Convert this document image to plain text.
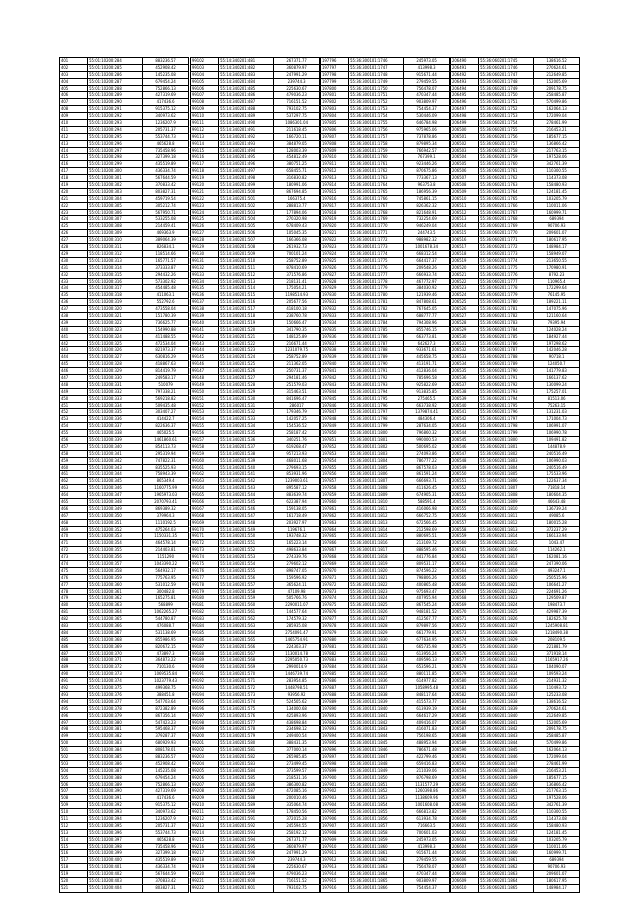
401	55:01:10200:284	883236.57
402	55:01:10200:285	452908.42
403	55:01:10200:286	145235.08
404	55:01:10200:287	679454.24
405	55:01:10200:288	752866.13
406	55:01:10200:289	427319.69
407	55:01:10200:290	417436.6
408	55:01:10200:291	915375.12
409	55:01:10200:292	340973.62
410	55:01:10200:293	1236207.9
411	55:01:10200:294	205731.37
412	55:01:10200:295	553744.73
413	55:01:10200:296	465628.8
414	55:01:10200:297	735458.96
415	55:01:10200:298	327399.18
416	55:01:10200:299	435519.89
417	55:01:10200:300	436334.74
418	55:01:10200:301	567644.59
419	55:01:10200:302	370833.42
420	55:01:10200:303	803827.31
421	55:01:10200:304	459719.54
422	55:01:10200:305	305212.74
423	55:01:10200:306	567950.71
424	55:01:10200:307	533255.08
425	55:01:10200:308	214459.41
426	55:01:10200:309	469363.9
427	55:01:10200:310	389064.39
428	55:01:10200:311	826834.1
429	55:01:10200:312	118514.66
430	55:01:10200:313	165771.57
431	55:01:10200:314	373333.87
432	55:01:10200:315	294432.26
433	55:01:10200:316	573302.92
434	55:01:10200:317	454485.48
435	55:01:10200:318	411063.1
436	55:01:10200:319	552792.6
437	55:01:10200:320	473558.04
438	55:01:10200:321	151780.39
439	55:01:10200:322	736625.77
440	55:01:10200:323	154990.88
441	55:01:10200:324	411488.55
442	55:01:10200:325	472534.04
443	55:01:10200:326	821973.37
444	55:01:10200:327	630816.29
445	55:01:10200:328	418867.63
446	55:01:10200:329	814419.79
447	55:01:10200:330	249583.17
448	55:01:10200:331	510079
449	55:01:10200:332	797338.21
450	55:01:10200:333	569218.82
451	55:01:10200:334	509435.48
452	55:01:10200:335	303407.27
453	55:01:10200:336	414422.7
454	55:01:10200:337	822636.37
455	55:01:10200:338	465025.5
456	55:01:10200:339	1461860.61
457	55:01:10200:340	854113.73
458	55:01:10200:341	295319.94
459	55:01:10200:342	747822.31
460	55:01:10200:343	835525.93
461	55:01:10200:344	758943.39
462	55:01:10200:345	865349.4
463	55:01:10200:346	1160775.99
464	55:01:10200:347	1965973.03
465	55:01:10200:348	2070793.41
466	55:01:10200:349	869389.32
467	55:01:10200:350	379964.3
468	55:01:10200:351	1110192.5
469	55:01:10200:352	475264.03
470	55:01:10200:353	1150331.35
471	55:01:10200:354	464578.14
472	55:01:10200:355	214403.81
473	55:01:10200:356	1151290
474	55:01:10200:357	1043390.22
475	55:01:10200:358	564932.17
476	55:01:10200:359	775763.95
477	55:01:10200:360	531012.59
478	55:01:10200:361	300482.8
479	55:01:10200:362	165275.81
480	55:01:10200:363	568899
481	55:01:10200:364	1062265.27
482	55:01:10200:365	544780.87
483	55:01:10200:366	476088.7
484	55:01:10200:367	531138.69
485	55:01:10200:368	855986.95
486	55:01:10200:369	820672.15
487	55:01:10200:370	473897.3
488	55:01:10200:371	364873.22
489	55:01:10200:372	710130.6
490	55:01:10200:373	1069535.84
491	55:01:10200:374	1023779.43
492	55:01:10200:375	499368.75
493	55:01:10200:376	388451.8
494	55:01:10200:377	547703.64
495	55:01:10200:378	872382.89
496	55:01:10200:379	867356.14
497	55:01:10200:380	547423.23
498	55:01:10200:381	595468.37
499	55:01:10200:382	379287.37
500	55:01:10200:383	680929.93
501	55:01:10200:384	808178.01
502	55:01:10200:385	883236.57
503	55:01:10200:386	452908.42
504	55:01:10200:387	145235.08
505	55:01:10200:388	679454.24
506	55:01:10200:389	752866.13
507	55:01:10200:390	427319.69
508	55:01:10200:391	417436.6
509	55:01:10200:392	915375.12
510	55:01:10200:393	340973.62
511	55:01:10200:394	1236207.9
512	55:01:10200:395	205731.37
513	55:01:10200:396	553744.73
514	55:01:10200:397	465628.8
515	55:01:10200:398	735458.96
516	55:01:10200:399	327399.18
517	55:01:10200:400	435519.89
518	55:01:10200:401	436334.74
519	55:01:10200:402	567644.59
520	55:01:10200:403	370833.42
521	55:01:10200:404	803827.31
99102	55:14:340201:481	267371.77
99103	55:14:340201:482	360879.97
99104	55:14:340201:483	247991.29
99105	55:14:340201:484	239744.3
99106	55:14:340201:485	225630.67
99107	55:14:340201:486	479036.23
99108	55:14:340201:487	716151.52
99109	55:14:340201:488	793102.75
99110	55:14:340201:489	537297.75
99111	55:14:340201:490	1086301.04
99112	55:14:340201:491	211618.45
99113	55:14:340201:492	166720.11
99114	55:14:340201:493	384879.05
99115	55:14:340201:494	128003.39
99116	55:14:340201:495	454812.49
99117	55:14:340201:496	380751.25
99118	55:14:340201:497	658455.71
99119	55:14:340201:498	316830.82
99120	55:14:340201:499	180991.06
99121	55:14:340201:500	867694.85
99122	55:14:340201:501	166375.4
99123	55:14:340201:502	288813.77
99124	55:14:340201:503	177894.06
99125	55:14:340201:504	270320.98
99126	55:14:340201:505	678409.43
99127	55:14:340201:506	105045.35
99128	55:14:340201:507	166366.08
99129	55:14:340201:508	261932.73
99130	55:14:340201:509	700101.24
99131	55:14:340201:510	258752.89
99132	55:14:340201:511	878410.69
99133	55:14:340201:512	371576.86
99134	55:14:340201:513	218131.41
99135	55:14:340201:514	175054.21
99136	55:14:340201:515	1198514.93
99137	55:14:340201:516	205677.56
99138	55:14:340201:517	418100.18
99139	55:14:340201:518	238760.78
99140	55:14:340201:519	150666.47
99141	55:14:340201:520	341790.35
99142	55:14:340201:521	148125.89
99143	55:14:340201:522	216671.44
99144	55:14:340201:523	1231079.75
99145	55:14:340201:524	258752.89
99146	55:14:340201:525	211362.05
99147	55:14:340201:526	250731.37
99148	55:14:340201:527	294181.46
99149	55:14:340201:528	251579.03
99150	55:14:340201:529	315463.51
99151	55:14:340201:530	841696.47
99152	55:14:340201:531	286017
99153	55:14:340201:532	179346.79
99154	55:14:340201:533	142057.25
99155	55:14:340201:534	154536.52
99156	55:14:340201:535	258187.42
99157	55:14:340201:536	340251.76
99158	55:14:340201:537	619268.47
99159	55:14:340201:538	957213.93
99160	55:14:340201:539	468011.68
99161	55:14:340201:540	279693.15
99162	55:14:340201:541	853931.96
99163	55:14:340201:542	1239003.61
99164	55:14:340201:543	895587.12
99165	55:14:340201:544	883639.74
99166	55:14:340201:545	622387.94
99167	55:14:340201:546	159138.05
99168	55:14:340201:547	161718.49
99169	55:14:340201:548	203927.97
99170	55:14:340201:549	119676.1
99171	55:14:340201:550	193748.32
99172	55:14:340201:551	165223.14
99173	55:14:340201:552	498633.84
99174	55:14:340201:553	274339.76
99175	55:14:340201:554	279602.12
99176	55:14:340201:555	898747.05
99177	55:14:340201:556	159596.92
99178	55:14:340201:557	365624.11
99179	55:14:340201:558	47109.98
99180	55:14:340201:559	505766.76
99181	55:14:340201:560	2290011.07
99182	55:14:340201:561	144577.64
99183	55:14:340201:562	174579.32
99184	55:14:340201:563	285935.08
99185	55:14:340201:564	2754091.47
99186	55:14:340201:565	1465754.91
99187	55:14:340201:566	224303.37
99188	55:14:340201:567	1130014.78
99189	55:14:340201:568	2295050.73
99190	55:14:340201:569	2990014.9
99191	55:14:340201:570	1446739.74
99192	55:14:340201:571	283954.85
99193	55:14:340201:572	1448798.51
99194	55:14:340201:573	93956.92
99195	55:14:340201:574	524505.62
99196	55:14:340201:575	134000.68
99197	55:14:340201:576	425893.96
99198	55:14:340201:577	438698.84
99199	55:14:340201:578	234698.12
99200	55:14:340201:579	249400.54
99201	55:14:340201:580	388431.35
99202	55:14:340201:581	377000.14
99203	55:14:340201:582	265985.85
99204	55:14:340201:583	273499.45
99205	55:14:340201:584	373599.57
99206	55:14:340201:585	218531.16
99207	55:14:340201:586	386300.82
99208	55:14:340201:587	472085.16
99209	55:14:340201:588	200010.46
99210	55:14:340201:589	335064.74
99211	55:14:340201:590	178450.56
99212	55:14:340201:591	372015.28
99213	55:14:340201:592	245594.55
99214	55:14:340201:593	258192.12
99215	55:14:340201:594	267371.77
99216	55:14:340201:595	360879.97
99217	55:14:340201:596	247991.29
99218	55:14:340201:597	239744.3
99219	55:14:340201:598	225630.67
99220	55:14:340201:599	479036.23
99221	55:14:340201:600	716151.52
99222	55:14:340201:601	793102.75
197796	55:36:300101:1746	245973.05
197797	55:36:300101:1747	413998.3
197798	55:36:300101:1748	915671.44
197799	55:36:300101:1749	279459.55
197800	55:36:300101:1750	756478.07
197801	55:36:300101:1751	470347.44
197802	55:36:300101:1752	903809.97
197803	55:36:300101:1753	754454.37
197804	55:36:300101:1754	530446.09
197805	55:36:300101:1755	646784.98
197806	55:36:300101:1756	975965.06
197807	55:36:300101:1757	737878.86
197808	55:36:300101:1758	879895.34
197809	55:36:300101:1759	766942.57
197810	55:36:300101:1760	767399.1
197811	55:36:300101:1761	923446.26
197812	55:36:300101:1762	870675.86
197813	55:36:300101:1763	773367.13
197814	55:36:300101:1764	963753.8
197815	55:36:300101:1765	186956.39
197816	55:36:300101:1766	745861.15
197817	55:36:300101:1767	826362.32
197818	55:36:300101:1768	821648.91
197819	55:36:300101:1769	732254.69
197820	55:36:300101:1770	946249.04
197821	55:36:300101:1771	244743.5
197822	55:36:300101:1772	988982.32
197823	55:36:300101:1773	1001678.34
197824	55:36:300101:1774	668312.54
197825	55:36:300101:1775	664417.37
197826	55:36:300101:1776	209548.26
197827	55:36:300101:1777	666933.74
197828	55:36:300101:1778	467772.97
197829	55:36:300101:1779	384030.92
197830	55:36:300101:1780	121939.46
197831	55:36:300101:1781	847808.61
197832	55:36:300101:1782	767645.05
197833	55:36:300101:1783	688777.77
197834	55:36:300101:1784	794308.96
197835	55:36:300101:1785	855746.15
197836	55:36:300101:1786	663773.81
197837	55:36:300101:1787	642627.3
197838	55:36:300101:1788	933671.61
197839	55:36:300101:1789	445658.75
197840	55:36:300101:1790	413191.71
197841	55:36:300101:1791	412836.04
197842	55:36:300101:1792	785696.58
197843	55:36:300101:1793	925822.69
197844	55:36:300101:1794	913835.85
197845	55:36:300101:1795	275465.5
197846	55:36:300101:1796	663738.92
197847	55:36:300101:1797	1379874.41
197848	55:36:300101:1798	484306.4
197849	55:36:300101:1799	287634.05
197850	55:36:300101:1800	796860.32
197851	55:36:300101:1801	990000.53
197852	55:36:300101:1802	500695.02
197853	55:36:300101:1803	274093.86
197854	55:36:300101:1804	786777.22
197855	55:36:300101:1805	867578.03
197856	55:36:300101:1806	861591.24
197857	55:36:300101:1807	666693.71
197858	55:36:300101:1808	411626.45
197859	55:36:300101:1809	674905.31
197860	55:36:300101:1810	588591.4
197861	55:36:300101:1811	416066.98
197862	55:36:300101:1812	666752.75
197863	55:36:300101:1813	672566.45
197864	55:36:300101:1814	212598.69
197865	55:36:300101:1815	880695.51
197866	55:36:300101:1816	213169.72
197867	55:36:300101:1817	888595.46
197868	55:36:300101:1818	441776.84
197869	55:36:300101:1819	809531.17
197870	55:36:300101:1820	874596.22
197871	55:36:300101:1821	798806.26
197872	55:36:300101:1822	400865.48
197873	55:36:300101:1823	975693.47
197874	55:36:300101:1824	407955.94
197875	55:36:300101:1825	867545.24
197876	55:36:300101:1826	948181.52
197877	55:36:300101:1827	412567.77
197878	55:36:300101:1828	879897.56
197879	55:36:300101:1829	661779.91
197880	55:36:300101:1830	677634.95
197881	55:36:300101:1831	665735.98
197882	55:36:300101:1832	613956.24
197883	55:36:300101:1833	409596.13
197884	55:36:300101:1834	653596.21
197885	55:36:300101:1835	880111.85
197886	55:36:300101:1836	614977.82
197887	55:36:300101:1837	1058995.48
197888	55:36:300101:1838	848117.64
197889	55:36:300101:1839	415573.77
197890	55:36:300101:1840	613939.19
197891	55:36:300101:1841	664617.29
197892	55:36:300101:1842	409416.07
197893	55:36:300101:1843	416071.83
197894	55:36:300101:1844	756198.65
197895	55:36:300101:1845	488953.94
197896	55:36:300101:1846	786671.48
197897	55:36:300101:1847	422799.46
197898	55:36:300101:1848	659416.83
197899	55:36:300101:1849	211039.06
197900	55:36:300101:1850	876798.69
197901	55:36:300101:1851	1131577.29
197902	55:36:300101:1852	1260398.86
197903	55:36:300101:1853	1138609.96
197904	55:36:300101:1854	1001608.08
197905	55:36:300101:1855	666813.82
197906	55:36:300101:1856	613934.78
197907	55:36:300101:1857	716663.5
197908	55:36:300101:1858	700601.03
197909	55:36:300101:1859	245973.05
197910	55:36:300101:1860	413998.3
197911	55:36:300101:1861	915671.44
197912	55:36:300101:1862	279459.55
197913	55:36:300101:1863	756478.07
197914	55:36:300101:1864	470347.44
197915	55:36:300101:1865	903809.97
197916	55:36:300101:1866	754454.37
206490	55:36:060201:1745	138616.52
206491	55:36:060201:1746	270624.61
206492	55:36:060201:1747	212649.85
206493	55:36:060201:1748	152005.69
206494	55:36:060201:1749	209178.75
206495	55:36:060201:1750	258485.87
206496	55:36:060201:1751	570499.86
206497	55:36:060201:1752	162064.13
206498	55:36:060201:1753	172099.04
206499	55:36:060201:1754	278461.99
206500	55:36:060201:1755	216453.21
206501	55:36:060201:1756	185677.15
206502	55:36:060201:1757	136866.42
206503	55:36:060201:1758	217763.15
206504	55:36:060201:1759	197528.06
206505	55:36:060201:1760	342761.39
206506	55:36:060201:1761	110300.55
206507	55:36:060201:1762	114373.08
206508	55:36:060201:1763	158480.93
206509	55:36:060201:1764	124181.45
206510	55:36:060201:1765	103205.79
206511	55:36:060201:1766	110011.06
206512	55:36:060201:1767	160999.71
206513	55:36:060201:1768	689394
206514	55:36:060201:1769	90706.93
206515	55:36:060201:1770	209601.07
206516	55:36:060201:1771	180617.95
206517	55:36:060201:1772	148984.17
206518	55:36:060201:1773	158949.07
206519	55:36:060201:1774	213650.55
206520	55:36:060201:1775	170980.91
206521	55:36:060201:1776	8792.23
206522	55:36:060201:1777	110965.4
206523	55:36:060201:1778	172299.64
206524	55:36:060201:1779	76145.95
206525	55:36:060201:1780	189221.11
206526	55:36:060201:1781	147075.96
206527	55:36:060201:1782	121160.64
206528	55:36:060201:1783	79395.94
206529	55:36:060201:1784	124028.24
206530	55:36:060201:1785	184927.44
206531	55:36:060201:1786	197298.62
206532	55:36:060201:1787	142046.28
206533	55:36:060201:1788	90718.1
206534	55:36:060201:1789	124050.7
206535	55:36:060201:1790	141779.83
206536	55:36:060201:1791	166137.62
206537	55:36:060201:1792	130099.24
206538	55:36:060201:1793	175257.01
206539	55:36:060201:1794	81513.06
206540	55:36:060201:1795	75263.15
206541	55:36:060201:1796	131231.03
206542	55:36:060201:1797	171004.73
206543	55:36:060201:1798	106991.07
206544	55:36:060201:1799	106990.78
206545	55:36:060201:1800	109491.82
206546	55:36:060201:1801	144878.9
206547	55:36:060201:1802	240516.49
206548	55:36:060201:1803	106990.03
206549	55:36:060201:1804	240516.49
206550	55:36:060201:1805	175533.96
206551	55:36:060201:1806	122637.34
206552	55:36:060201:1807	71818.14
206553	55:36:060201:1808	180604.35
206554	55:36:060201:1809	46643.48
206555	55:36:060201:1810	136739.24
206556	55:36:060201:1811	49085.6
206557	55:36:060201:1812	180015.28
206558	55:36:060201:1813	372237.29
206559	55:36:060201:1814	166133.94
206560	55:36:060201:1815	1043.47
206561	55:36:060201:1816	114262.1
206562	55:36:060201:1817	162081.16
206563	55:36:060201:1818	247390.06
206564	55:36:060201:1819	493247.1
206565	55:36:060201:1820	250515.96
206566	55:36:060201:1821	106641.27
206567	55:36:060201:1822	224691.26
206568	55:36:060201:1823	129509.87
206569	55:36:060201:1824	198473.7
206570	55:36:060201:1825	429987.39
206571	55:36:060201:1826	182625.78
206572	55:36:060201:1827	1245908.81
206573	55:36:060201:1828	1218490.38
206574	55:36:060201:1829	208109.5
206575	55:36:060201:1830	221881.79
206576	55:36:060201:1831	371918.14
206577	55:36:060201:1832	1165917.26
206578	55:36:060201:1833	104090.07
206579	55:36:060201:1834	109593.24
206580	55:36:060201:1835	214931.32
206581	55:36:060201:1836	110493.72
206582	55:36:060201:1837	125233.08
206583	55:36:060201:1838	138616.52
206584	55:36:060201:1839	270624.61
206585	55:36:060201:1840	212649.85
206586	55:36:060201:1841	152005.69
206587	55:36:060201:1842	209178.75
206588	55:36:060201:1843	258485.87
206589	55:36:060201:1844	570499.86
206590	55:36:060201:1845	162064.13
206591	55:36:060201:1846	172099.04
206592	55:36:060201:1847	278461.99
206593	55:36:060201:1848	216453.21
206594	55:36:060201:1849	185677.15
206595	55:36:060201:1850	136866.42
206596	55:36:060201:1851	217763.15
206597	55:36:060201:1852	197528.06
206598	55:36:060201:1853	342761.39
206599	55:36:060201:1854	110300.55
206600	55:36:060201:1855	114373.08
206601	55:36:060201:1856	158480.93
206602	55:36:060201:1857	124181.45
206603	55:36:060201:1858	103205.79
206604	55:36:060201:1859	110011.06
206605	55:36:060201:1860	160999.71
206606	55:36:060201:1861	689394
206607	55:36:060201:1862	90706.93
206608	55:36:060201:1863	209601.07
206609	55:36:060201:1864	180617.95
206610	55:36:060201:1865	148984.17
